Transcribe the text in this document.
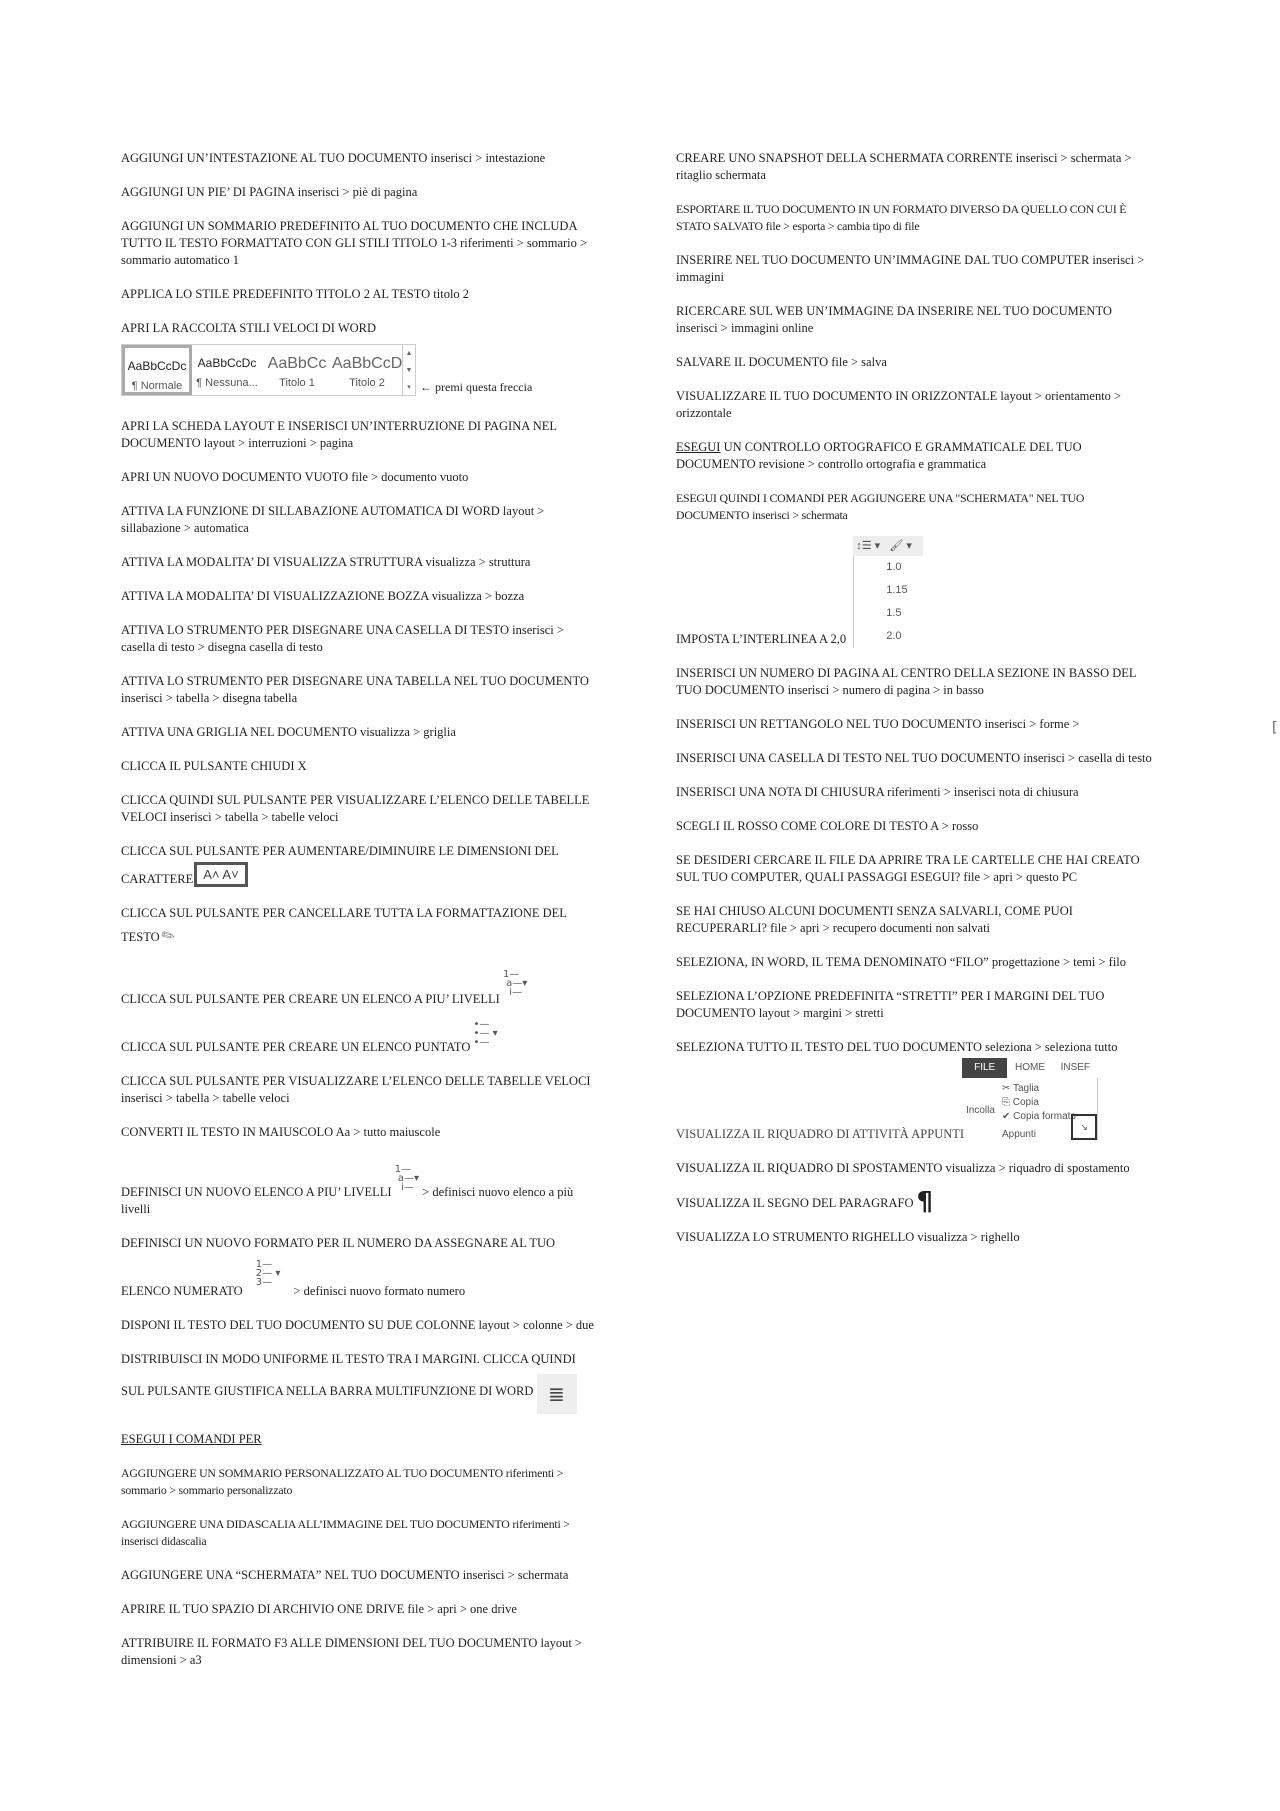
AGGIUNGI UN’INTESTAZIONE AL TUO DOCUMENTO inserisci > intestazione
AGGIUNGI UN PIE’ DI PAGINA inserisci > piè di pagina
AGGIUNGI UN SOMMARIO PREDEFINITO AL TUO DOCUMENTO CHE INCLUDA TUTTO IL TESTO FORMATTATO CON GLI STILI TITOLO 1-3 riferimenti > sommario > sommario automatico 1
APPLICA LO STILE PREDEFINITO TITOLO 2 AL TESTO titolo 2
APRI LA RACCOLTA STILI VELOCI DI WORD
AaBbCcDc
¶ Normale
AaBbCcDc
¶ Nessuna...
AaBbCc
Titolo 1
AaBbCcD
Titolo 2
▲
▼
▾ ← premi questa freccia
APRI LA SCHEDA LAYOUT E INSERISCI UN’INTERRUZIONE DI PAGINA NEL DOCUMENTO layout > interruzioni > pagina
APRI UN NUOVO DOCUMENTO VUOTO file > documento vuoto
ATTIVA LA FUNZIONE DI SILLABAZIONE AUTOMATICA DI WORD layout > sillabazione > automatica
ATTIVA LA MODALITA’ DI VISUALIZZA STRUTTURA visualizza > struttura
ATTIVA LA MODALITA’ DI VISUALIZZAZIONE BOZZA visualizza > bozza
ATTIVA LO STRUMENTO PER DISEGNARE UNA CASELLA DI TESTO inserisci > casella di testo > disegna casella di testo
ATTIVA LO STRUMENTO PER DISEGNARE UNA TABELLA NEL TUO DOCUMENTO inserisci > tabella > disegna tabella
ATTIVA UNA GRIGLIA NEL DOCUMENTO visualizza > griglia
CLICCA IL PULSANTE CHIUDI X
CLICCA QUINDI SUL PULSANTE PER VISUALIZZARE L’ELENCO DELLE TABELLE VELOCI inserisci > tabella > tabelle veloci
CLICCA SUL PULSANTE PER AUMENTARE/DIMINUIRE LE DIMENSIONI DEL
CARATTERE A˄ A˅
CLICCA SUL PULSANTE PER CANCELLARE TUTTA LA FORMATTAZIONE DEL
TESTO✎
CLICCA SUL PULSANTE PER CREARE UN ELENCO A PIU’ LIVELLI 1—
a—▾
i—
CLICCA SUL PULSANTE PER CREARE UN ELENCO PUNTATO •—
•— ▾
•—
CLICCA SUL PULSANTE PER VISUALIZZARE L’ELENCO DELLE TABELLE VELOCI inserisci > tabella > tabelle veloci
CONVERTI IL TESTO IN MAIUSCOLO Aa > tutto maiuscole
DEFINISCI UN NUOVO ELENCO A PIU’ LIVELLI 1—
a—▾
i— > definisci nuovo elenco a più livelli
DEFINISCI UN NUOVO FORMATO PER IL NUMERO DA ASSEGNARE AL TUO
ELENCO NUMERATO 1—
2— ▾
3— > definisci nuovo formato numero
DISPONI IL TESTO DEL TUO DOCUMENTO SU DUE COLONNE layout > colonne > due
DISTRIBUISCI IN MODO UNIFORME IL TESTO TRA I MARGINI. CLICCA QUINDI
SUL PULSANTE GIUSTIFICA NELLA BARRA MULTIFUNZIONE DI WORD ≣
ESEGUI I COMANDI PER
AGGIUNGERE UN SOMMARIO PERSONALIZZATO AL TUO DOCUMENTO riferimenti > sommario > sommario personalizzato
AGGIUNGERE UNA DIDASCALIA ALL’IMMAGINE DEL TUO DOCUMENTO riferimenti > inserisci didascalia
AGGIUNGERE UNA “SCHERMATA” NEL TUO DOCUMENTO inserisci > schermata
APRIRE IL TUO SPAZIO DI ARCHIVIO ONE DRIVE file > apri > one drive
ATTRIBUIRE IL FORMATO F3 ALLE DIMENSIONI DEL TUO DOCUMENTO layout > dimensioni > a3
CREARE UNO SNAPSHOT DELLA SCHERMATA CORRENTE inserisci > schermata > ritaglio schermata
ESPORTARE IL TUO DOCUMENTO IN UN FORMATO DIVERSO DA QUELLO CON CUI È STATO SALVATO file > esporta > cambia tipo di file
INSERIRE NEL TUO DOCUMENTO UN’IMMAGINE DAL TUO COMPUTER inserisci > immagini
RICERCARE SUL WEB UN’IMMAGINE DA INSERIRE NEL TUO DOCUMENTO inserisci > immagini online
SALVARE IL DOCUMENTO file > salva
VISUALIZZARE IL TUO DOCUMENTO IN ORIZZONTALE layout > orientamento > orizzontale
ESEGUI UN CONTROLLO ORTOGRAFICO E GRAMMATICALE DEL TUO DOCUMENTO revisione > controllo ortografia e grammatica
ESEGUI QUINDI I COMANDI PER AGGIUNGERE UNA "SCHERMATA" NEL TUO DOCUMENTO inserisci > schermata
IMPOSTA L’INTERLINEA A 2,0
↕☰ ▾   🖌 ▾
1.0
1.15
1.5
2.0
INSERISCI UN NUMERO DI PAGINA AL CENTRO DELLA SEZIONE IN BASSO DEL TUO DOCUMENTO inserisci > numero di pagina > in basso
INSERISCI UN RETTANGOLO NEL TUO DOCUMENTO inserisci > forme >
INSERISCI UNA CASELLA DI TESTO NEL TUO DOCUMENTO inserisci > casella di testo
INSERISCI UNA NOTA DI CHIUSURA riferimenti > inserisci nota di chiusura
SCEGLI IL ROSSO COME COLORE DI TESTO A > rosso
SE DESIDERI CERCARE IL FILE DA APRIRE TRA LE CARTELLE CHE HAI CREATO SUL TUO COMPUTER, QUALI PASSAGGI ESEGUI? file > apri > questo PC
SE HAI CHIUSO ALCUNI DOCUMENTI SENZA SALVARLI, COME PUOI RECUPERARLI? file > apri > recupero documenti non salvati
SELEZIONA, IN WORD, IL TEMA DENOMINATO “FILO” progettazione > temi > filo
SELEZIONA L’OPZIONE PREDEFINITA “STRETTI” PER I MARGINI DEL TUO DOCUMENTO layout > margini > stretti
SELEZIONA TUTTO IL TESTO DEL TUO DOCUMENTO seleziona > seleziona tutto
FILE	HOME	INSEF
✂ Taglia
⎘ Copia
✔ Copia formato
Incolla
Appunti
↘
VISUALIZZA IL RIQUADRO DI ATTIVITÀ APPUNTI
VISUALIZZA IL RIQUADRO DI SPOSTAMENTO visualizza > riquadro di spostamento
VISUALIZZA IL SEGNO DEL PARAGRAFO ¶
VISUALIZZA LO STRUMENTO RIGHELLO visualizza > righello
[
